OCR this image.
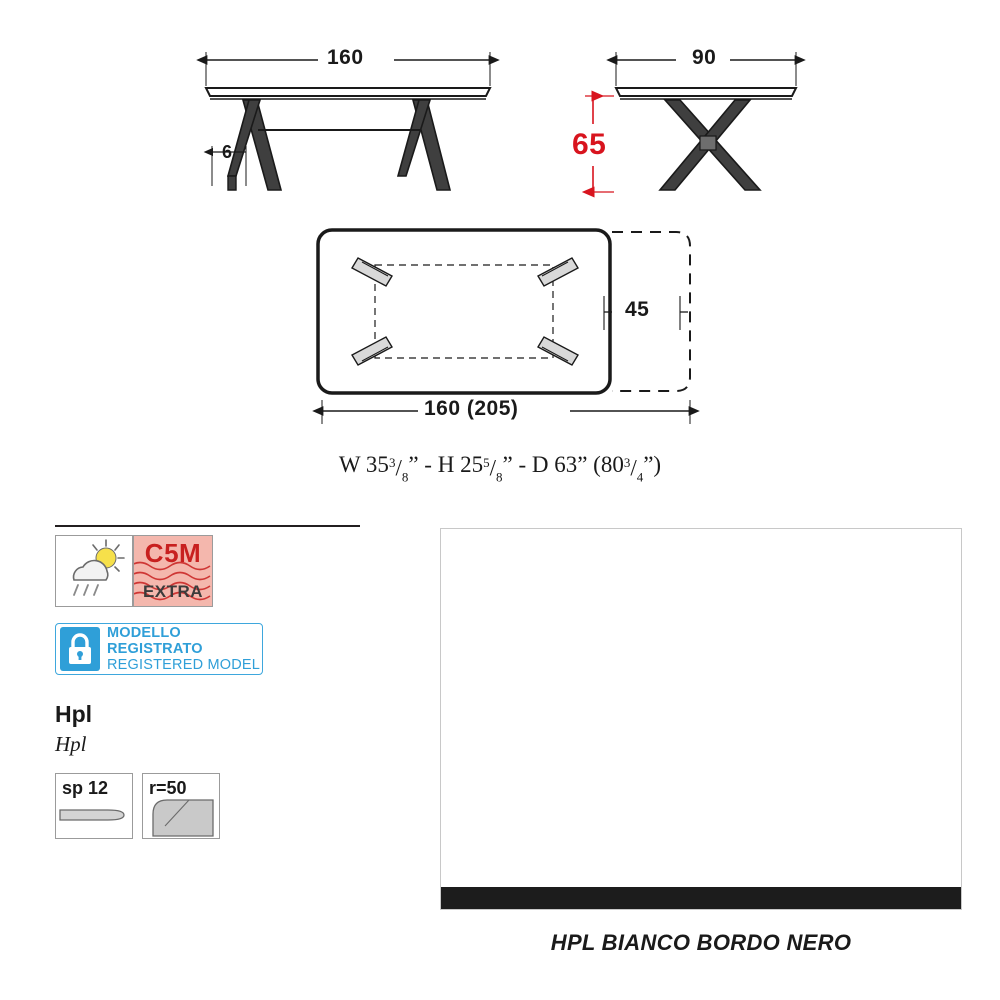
160
6
90
65
45
160 (205)
W $35^3/_8$” - H $25^5/_8$” - D 63” $(80^3/_4”)$
C5M
EXTRA
MODELLO REGISTRATO
REGISTERED MODEL
Hpl
Hpl
sp 12 r=50
HPL BIANCO BORDO NERO
